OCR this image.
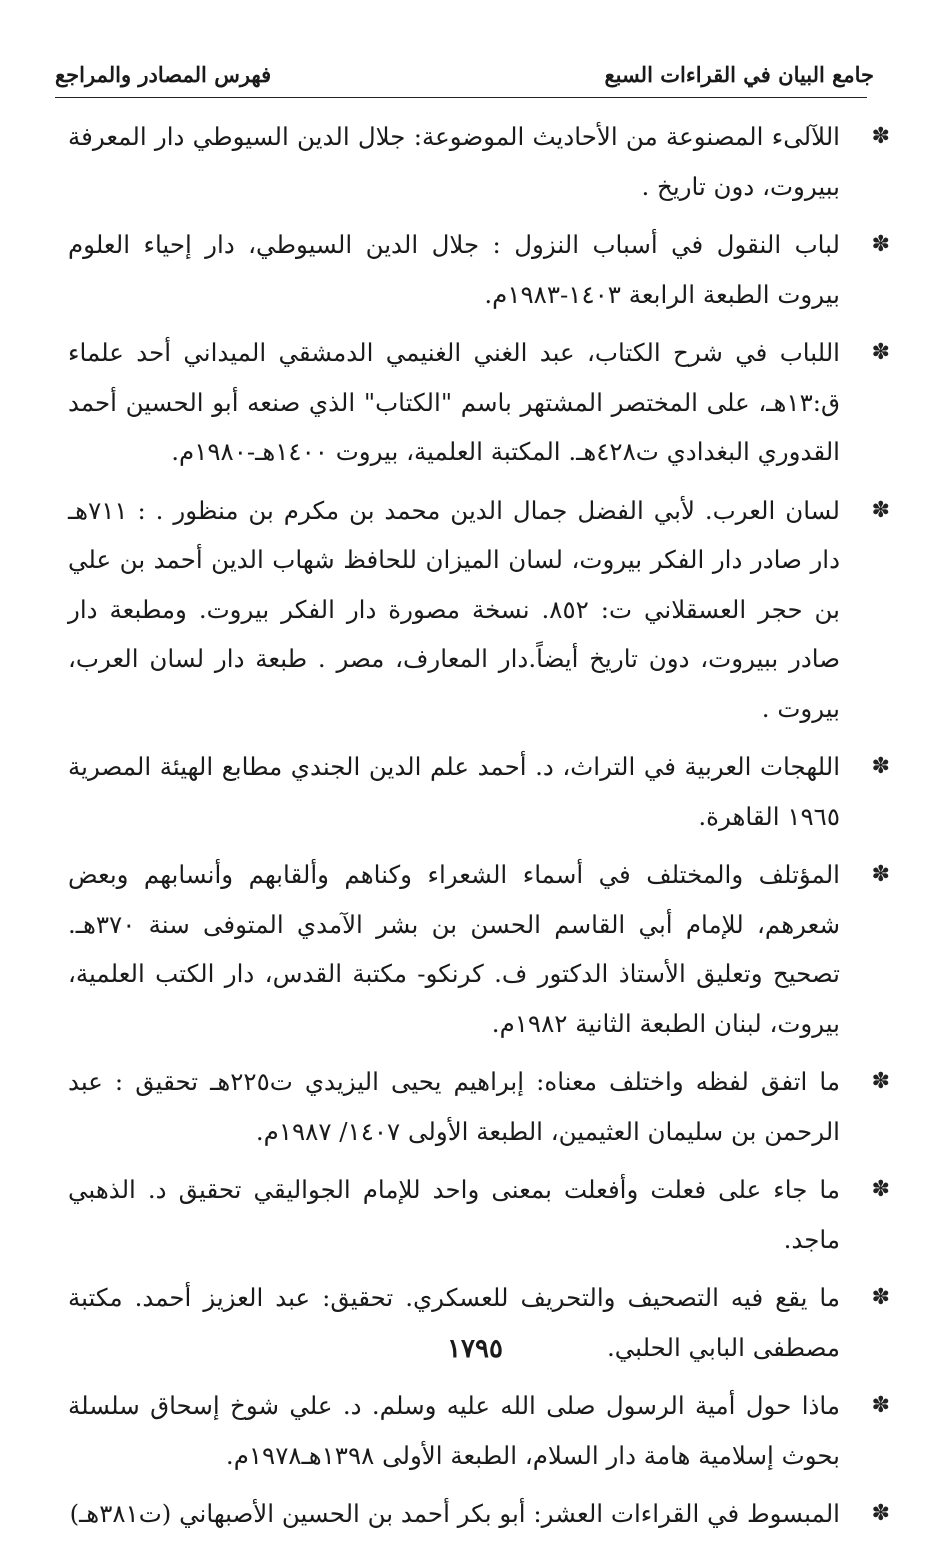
جامع البيان في القراءات السبع
فهرس المصادر والمراجع
✽
اللآلىء المصنوعة من الأحاديث الموضوعة: جلال الدين السيوطي دار المعرفة ببيروت، دون تاريخ .
✽
لباب النقول في أسباب النزول : جلال الدين السيوطي، دار إحياء العلوم بيروت الطبعة الرابعة ١٤٠٣-١٩٨٣م.
✽
اللباب في شرح الكتاب، عبد الغني الغنيمي الدمشقي الميداني أحد علماء ق:١٣هـ، على المختصر المشتهر باسم "الكتاب" الذي صنعه أبو الحسين أحمد القدوري البغدادي ت٤٢٨هـ. المكتبة العلمية، بيروت ١٤٠٠هـ-١٩٨٠م.
✽
لسان العرب. لأبي الفضل جمال الدين محمد بن مكرم بن منظور . : ٧١١هـ دار صادر دار الفكر بيروت، لسان الميزان للحافظ شهاب الدين أحمد بن علي بن حجر العسقلاني ت: ٨٥٢. نسخة مصورة دار الفكر بيروت. ومطبعة دار صادر ببيروت، دون تاريخ أيضاً.دار المعارف، مصر . طبعة دار لسان العرب، بيروت .
✽
اللهجات العربية في التراث، د. أحمد علم الدين الجندي مطابع الهيئة المصرية ١٩٦٥ القاهرة.
✽
المؤتلف والمختلف في أسماء الشعراء وكناهم وألقابهم وأنسابهم وبعض شعرهم، للإمام أبي القاسم الحسن بن بشر الآمدي المتوفى سنة ٣٧٠هـ. تصحيح وتعليق الأستاذ الدكتور ف. كرنكو- مكتبة القدس، دار الكتب العلمية، بيروت، لبنان الطبعة الثانية ١٩٨٢م.
✽
ما اتفق لفظه واختلف معناه: إبراهيم يحيى اليزيدي ت٢٢٥هـ تحقيق : عبد الرحمن بن سليمان العثيمين، الطبعة الأولى ١٤٠٧/ ١٩٨٧م.
✽
ما جاء على فعلت وأفعلت بمعنى واحد للإمام الجواليقي تحقيق د. الذهبي ماجد.
✽
ما يقع فيه التصحيف والتحريف للعسكري. تحقيق: عبد العزيز أحمد. مكتبة مصطفى البابي الحلبي.
✽
ماذا حول أمية الرسول صلى الله عليه وسلم. د. علي شوخ إسحاق سلسلة بحوث إسلامية هامة دار السلام، الطبعة الأولى ١٣٩٨هـ١٩٧٨م.
✽
المبسوط في القراءات العشر: أبو بكر أحمد بن الحسين الأصبهاني (ت٣٨١هـ)
١٧٩٥
